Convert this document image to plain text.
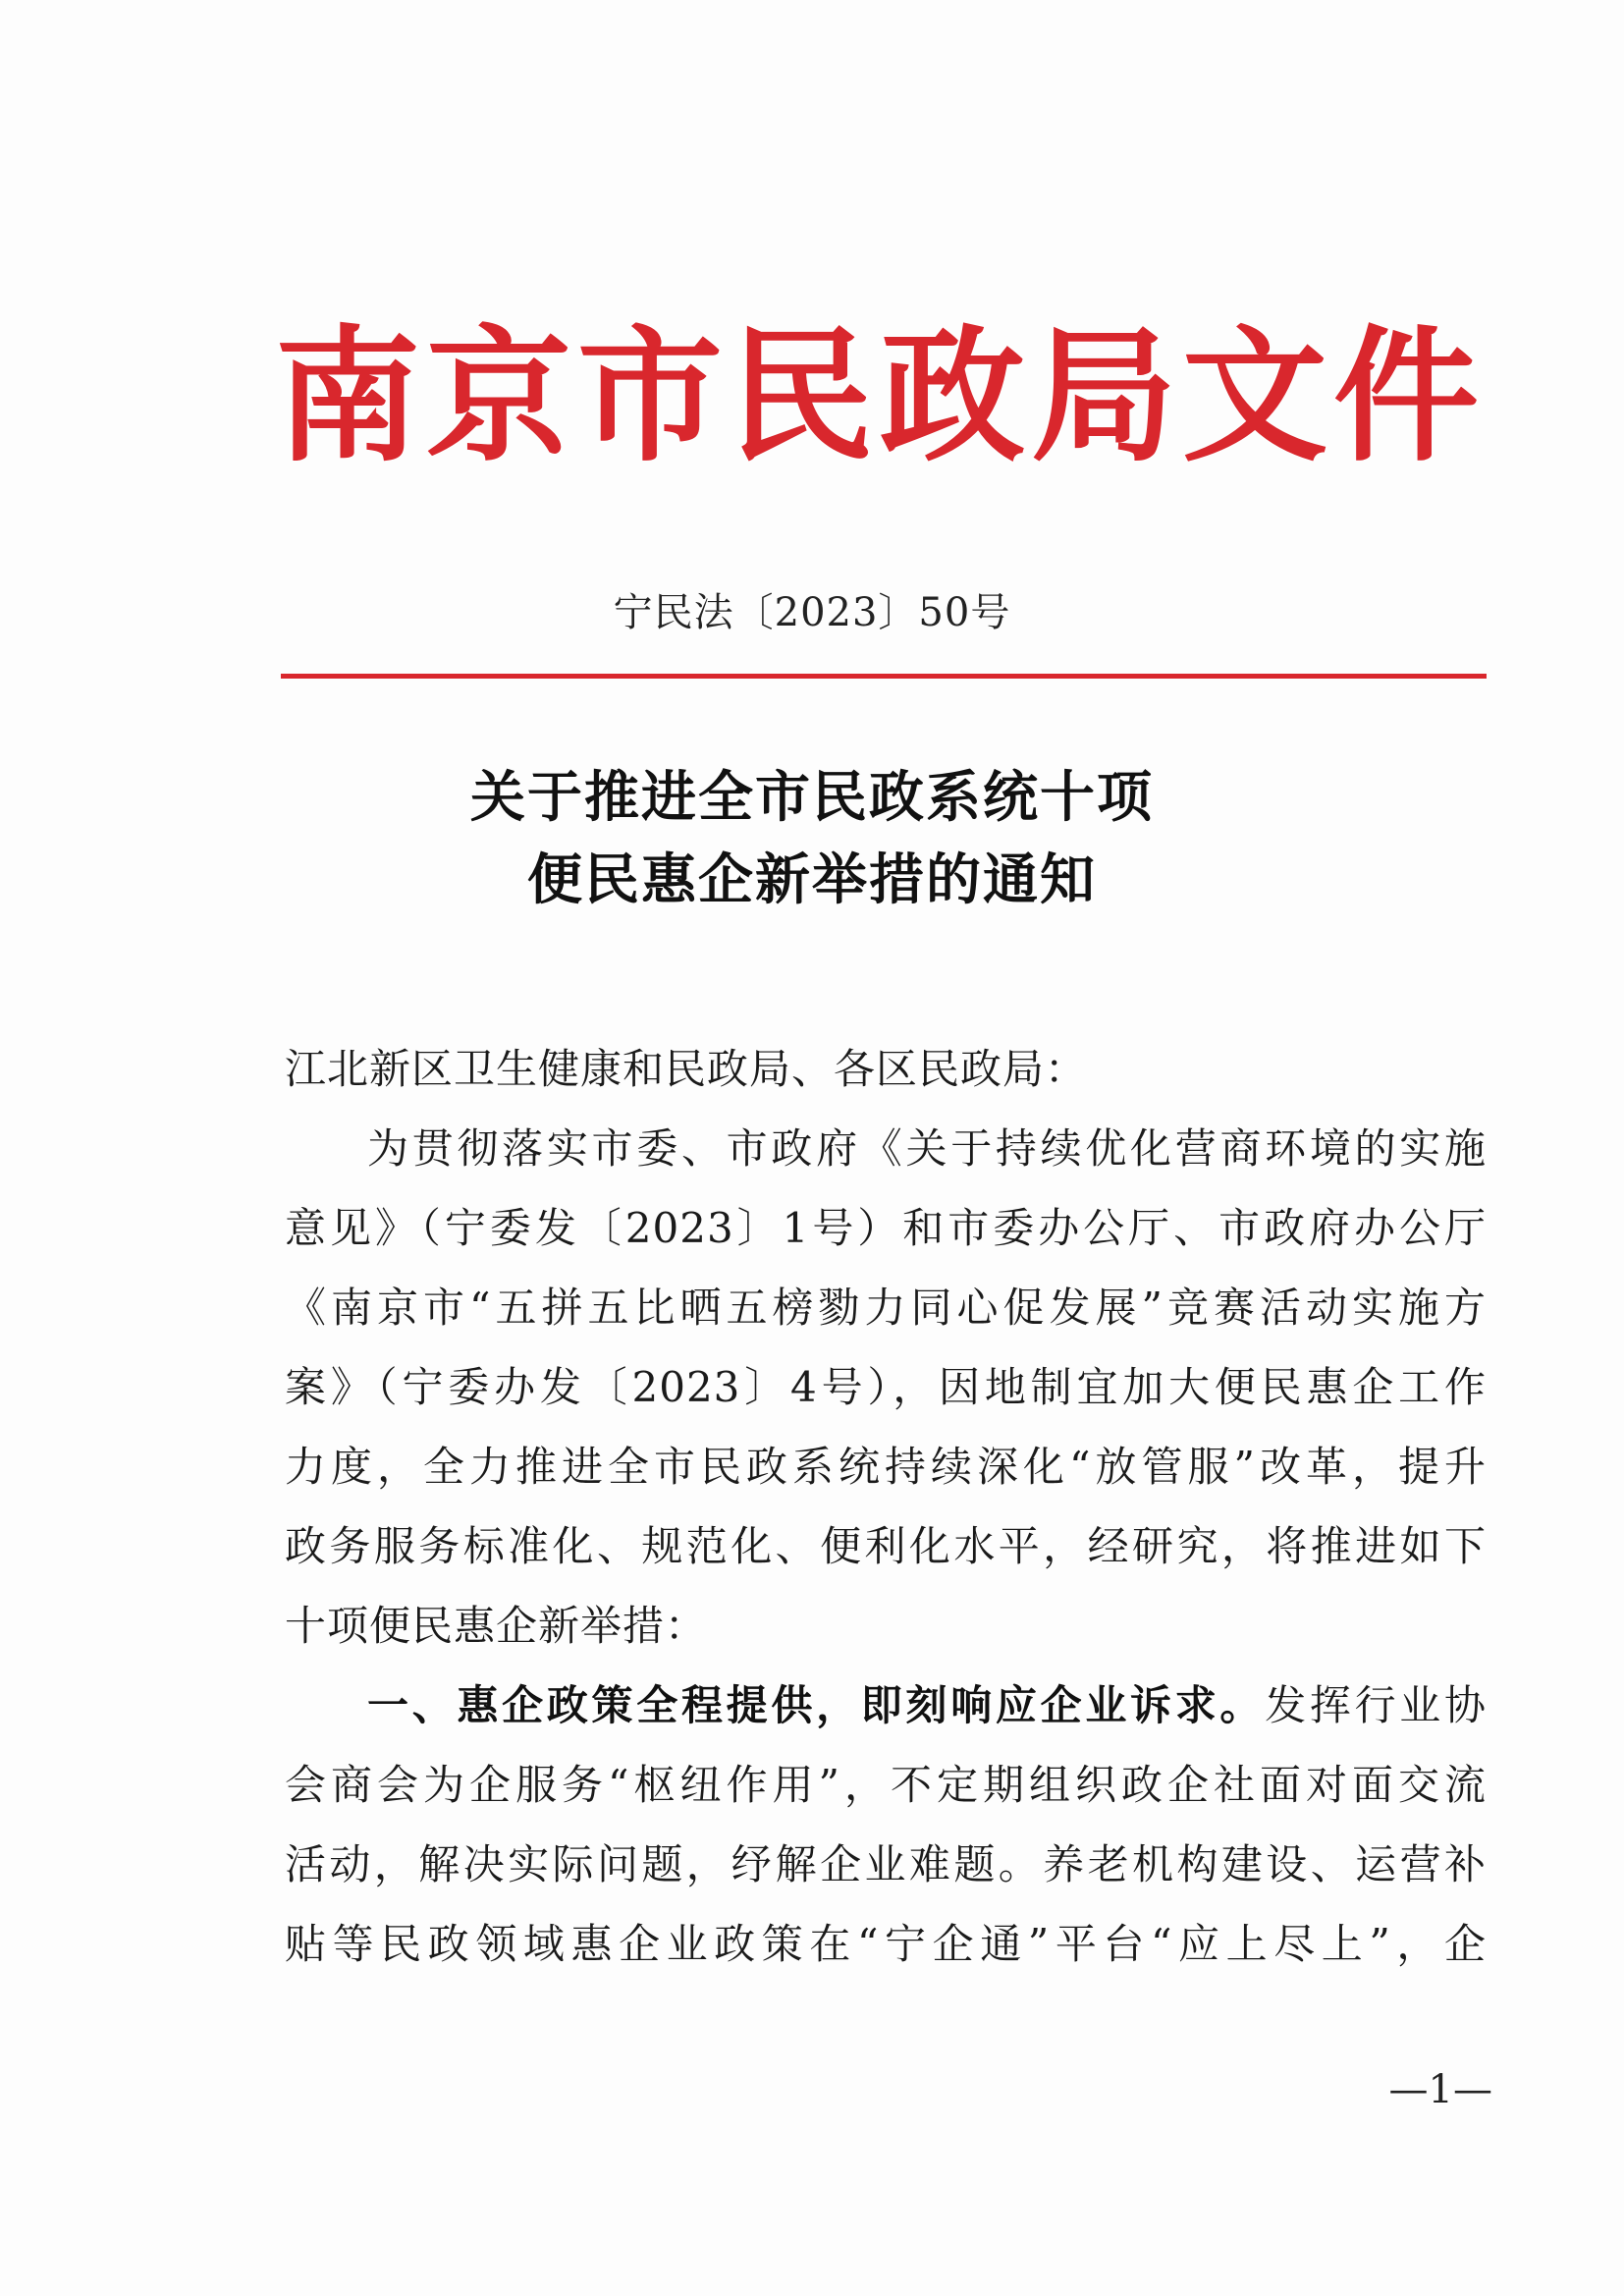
南京市民政局文件
宁民法〔2023〕50号
关于推进全市民政系统十项
便民惠企新举措的通知
江北新区卫生健康和民政局、各区民政局：
为贯彻落实市委、市政府《关于持续优化营商环境的实施
意见》（宁委发〔2023〕1号）和市委办公厅、市政府办公厅
《南京市“五拼五比晒五榜勠力同心促发展”竞赛活动实施方
案》（宁委办发〔2023〕4号），因地制宜加大便民惠企工作
力度，全力推进全市民政系统持续深化“放管服”改革，提升
政务服务标准化、规范化、便利化水平，经研究，将推进如下
十项便民惠企新举措：
一、惠企政策全程提供，即刻响应企业诉求。发挥行业协
会商会为企服务“枢纽作用”，不定期组织政企社面对面交流
活动，解决实际问题，纾解企业难题。养老机构建设、运营补
贴等民政领域惠企业政策在“宁企通”平台“应上尽上”，企
—1—
